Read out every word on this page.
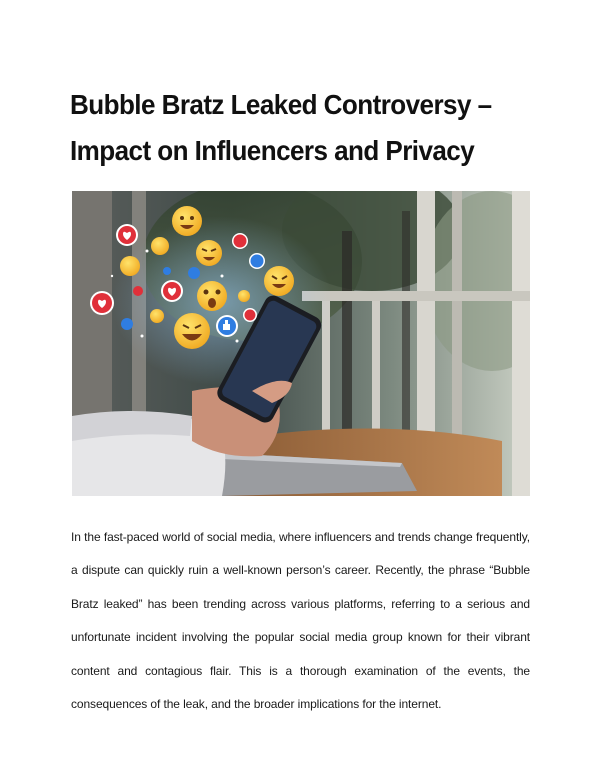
Bubble Bratz Leaked Controversy – Impact on Influencers and Privacy

In the fast-paced world of social media, where influencers and trends change frequently, a dispute can quickly ruin a well-known person’s career. Recently, the phrase “Bubble Bratz leaked” has been trending across various platforms, referring to a serious and unfortunate incident involving the popular social media group known for their vibrant content and contagious flair. This is a thorough examination of the events, the consequences of the leak, and the broader implications for the internet.
